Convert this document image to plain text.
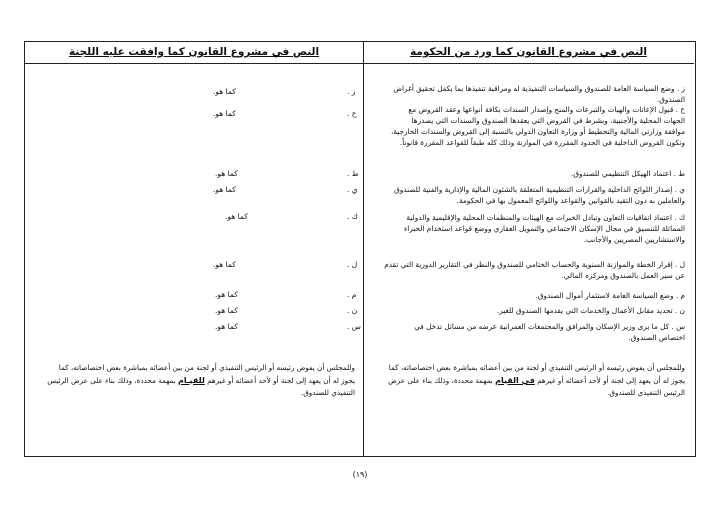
النص في مشروع القانون كما وافقت عليه اللجنة	النص في مشروع القانون كما ورد من الحكومة
ز . وضع السياسة العامة للصندوق والسياسات التنفيذية له ومراقبة تنفيذها بما يكفل تحقيق أغراض
الصندوق.
ح . قبول الإعانات والهبات والتبرعات والمنح وإصدار السندات بكافة أنواعها وعقد القروض مع
الجهات المحلية والأجنبية، وبشرط في القروض التي يعقدها الصندوق والسندات التي يصدرها
موافقة وزارتي المالية والتخطيط أو وزارة التعاون الدولي بالنسبة إلى القروض والسندات الخارجية،
وتكون القروض الداخلية في الحدود المقررة في الموازنة وذلك كله طبقاً للقواعد المقررة قانوناً.
ط . اعتماد الهيكل التنظيمي للصندوق.
ي . إصدار اللوائح الداخلية والقرارات التنظيمية المتعلقة بالشئون المالية والإدارية والفنية للصندوق
والعاملين به دون التقيد بالقوانين والقواعد واللوائح المعمول بها في الحكومة.
ك . اعتماد اتفاقيات التعاون وتبادل الخبرات مع الهيئات والمنظمات المحلية والإقليمية والدولية
المماثلة للتنسيق في مجال الإسكان الاجتماعي والتمويل العقاري ووضع قواعد استخدام الخبراء
والاستشاريين المصريين والأجانب.
ل . إقرار الخطة والموازنة السنوية والحساب الختامي للصندوق والنظر في التقارير الدورية التي تقدم
عن سير العمل بالصندوق ومركزه المالي.
م . وضع السياسة العامة لاستثمار أموال الصندوق.
ن . تحديد مقابل الأعمال والخدمات التي يقدمها الصندوق للغير.
س . كل ما يرى وزير الإسكان والمرافق والمجتمعات العمرانية عرضه من مسائل تدخل في
اختصاص الصندوق.
ز .
كما هو.
ح .
كما هو.
ط .
كما هو.
ي .
كما هو.
ك .
كما هو.
ل .
كما هو.
م .
كما هو.
ن .
كما هو.
س .
كما هو.
وللمجلس أن يفوض رئيسه أو الرئيس التنفيذي أو لجنة من بين أعضائه بمباشرة بعض اختصاصاته، كما
يجوز له أن يعهد إلى لجنة أو لأحد أعضائه أو غيرهم في القيام بمهمة محددة، وذلك بناء على عرض
الرئيس التنفيذي للصندوق.
وللمجلس أن يفوض رئيسه أو الرئيس التنفيذي أو لجنة من بين أعضائه بمباشرة بعض اختصاصاته، كما
يجوز له أن يعهد إلى لجنة أو لأحد أعضائه أو غيرهم للقيـام بمهمة محددة، وذلك بناء على عرض الرئيس
التنفيذي للصندوق.
(١٩)
